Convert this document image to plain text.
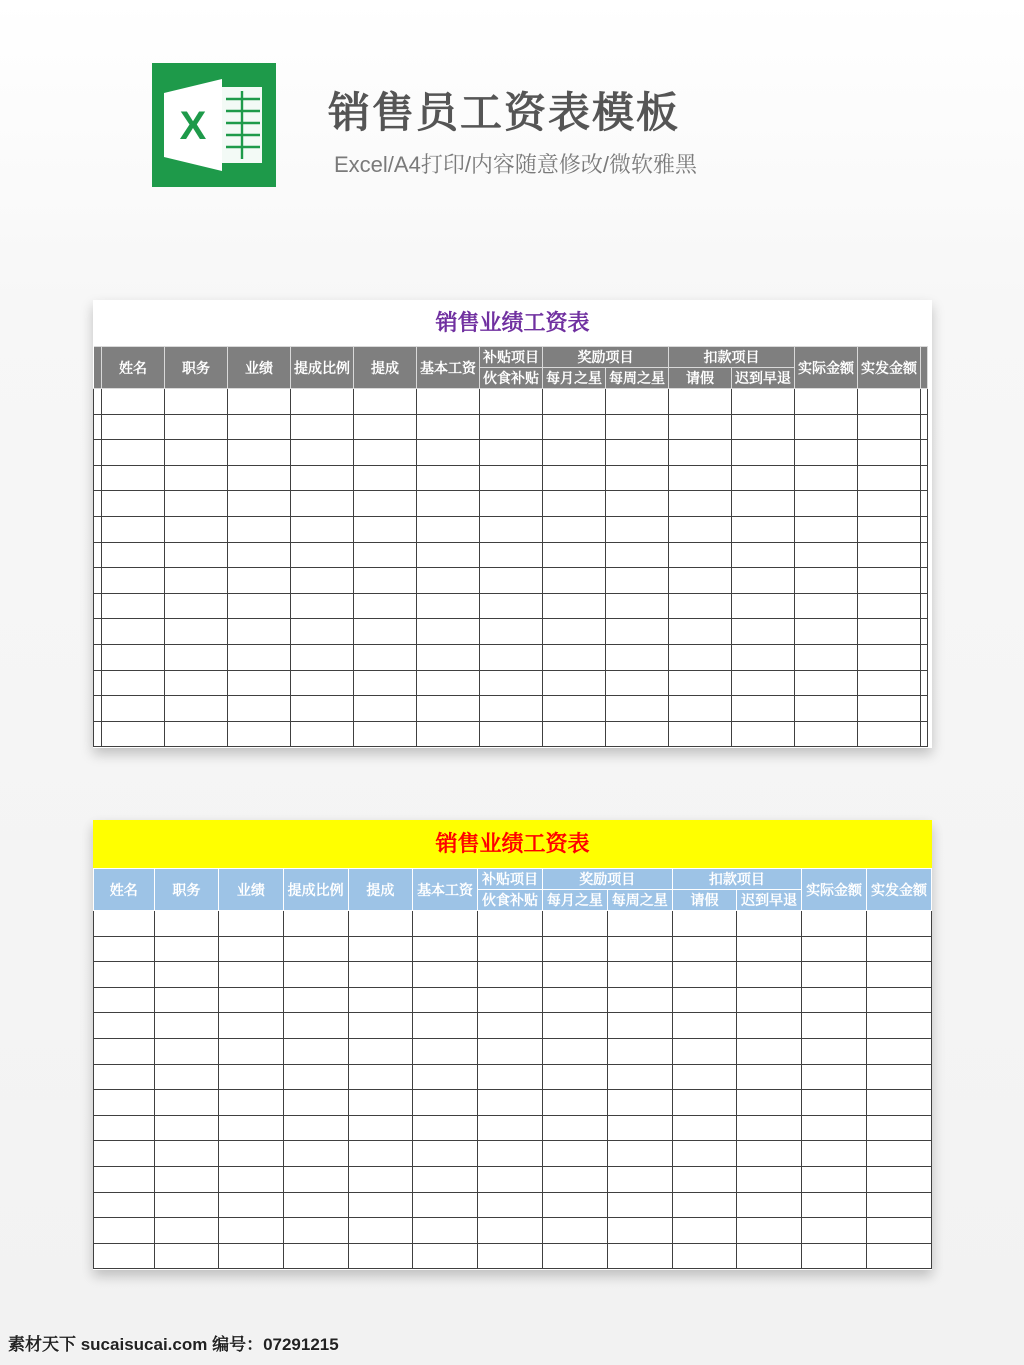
X	销售员工资表模板
Excel/A4打印/内容随意修改/微软雅黑
销售业绩工资表
	姓名	职务	业绩	提成比例	提成	基本工资	补贴项目	奖励项目		扣款项目		实际金额	实发金额	
							伙食补贴	每月之星	每周之星	请假	迟到早退			

销售业绩工资表
姓名	职务	业绩	提成比例	提成	基本工资	补贴项目	奖励项目		扣款项目		实际金额	实发金额
						伙食补贴	每月之星	每周之星	请假	迟到早退		

素材天下 sucaisucai.com 编号：07291215
